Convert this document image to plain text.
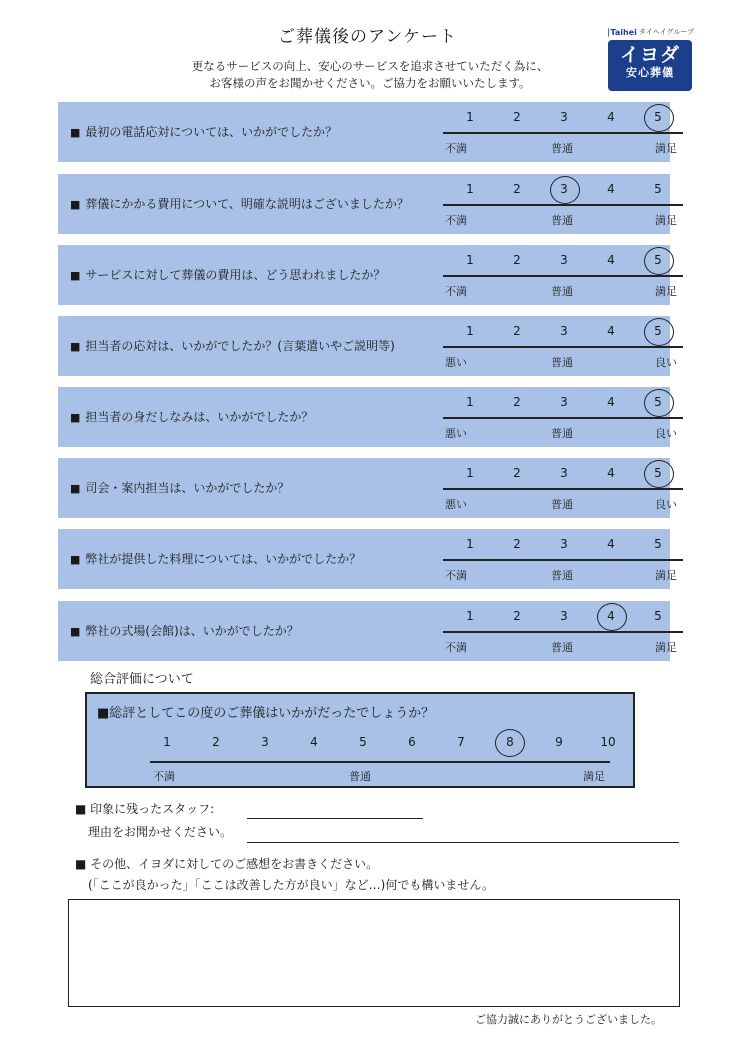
ご葬儀後のアンケート
更なるサービスの向上、安心のサービスを追求させていただく為に、
お客様の声をお聞かせください。ご協力をお願いいたします。
Taihei タイヘイグループ
イヨダ
安心葬儀
■ 最初の電話応対については、いかがでしたか？
1	2	3	4	5
不満	普通	満足
■ 葬儀にかかる費用について、明確な説明はございましたか？
1	2	3	4	5
不満	普通	満足
■ サービスに対して葬儀の費用は、どう思われましたか？
1	2	3	4	5
不満	普通	満足
■ 担当者の応対は、いかがでしたか？(言葉遣いやご説明等)
1	2	3	4	5
悪い	普通	良い
■ 担当者の身だしなみは、いかがでしたか？
1	2	3	4	5
悪い	普通	良い
■ 司会・案内担当は、いかがでしたか？
1	2	3	4	5
悪い	普通	良い
■ 弊社が提供した料理については、いかがでしたか？
1	2	3	4	5
不満	普通	満足
■ 弊社の式場(会館)は、いかがでしたか？
1	2	3	4	5
不満	普通	満足
総合評価について
■総評としてこの度のご葬儀はいかがだったでしょうか？
1	2	3	4	5	6	7	8	9	10
不満	普通	満足
■ 印象に残ったスタッフ:
理由をお聞かせください。
■ その他、イヨダに対してのご感想をお書きください。
(「ここが良かった」「ここは改善した方が良い」など…)何でも構いません。
ご協力誠にありがとうございました。
